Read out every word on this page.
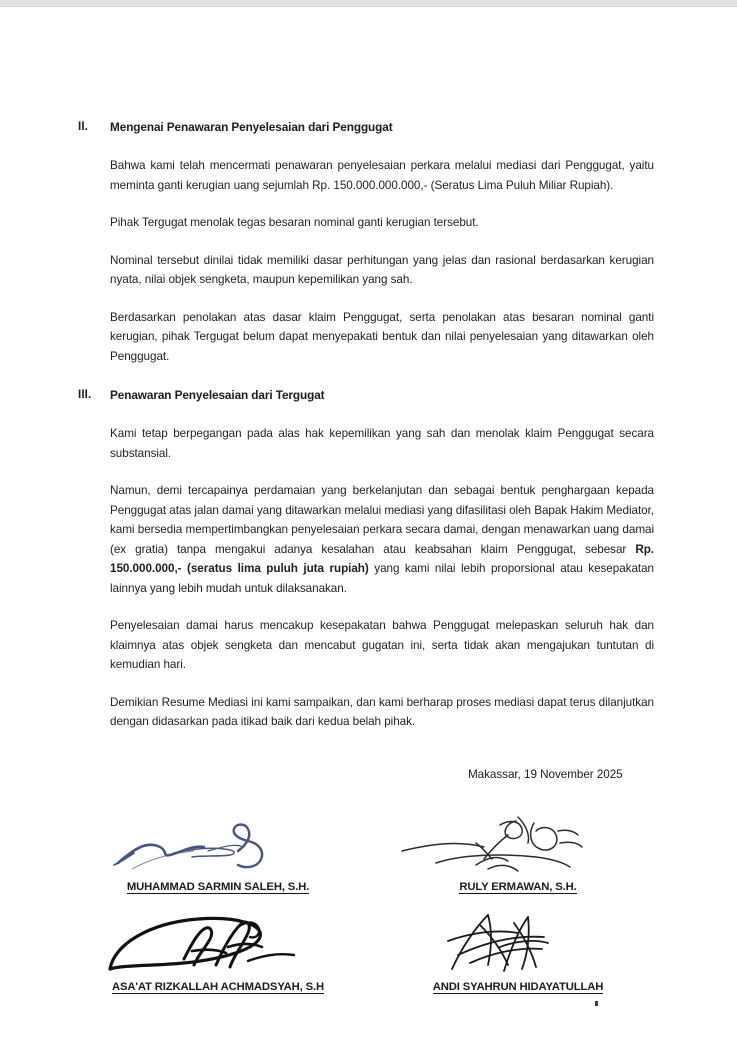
II.	Mengenai Penawaran Penyelesaian dari Penggugat
Bahwa kami telah mencermati penawaran penyelesaian perkara melalui mediasi dari Penggugat, yaitu meminta ganti kerugian uang sejumlah Rp. 150.000.000.000,- (Seratus Lima Puluh Miliar Rupiah).
Pihak Tergugat menolak tegas besaran nominal ganti kerugian tersebut.
Nominal tersebut dinilai tidak memiliki dasar perhitungan yang jelas dan rasional berdasarkan kerugian nyata, nilai objek sengketa, maupun kepemilikan yang sah.
Berdasarkan penolakan atas dasar klaim Penggugat, serta penolakan atas besaran nominal ganti kerugian, pihak Tergugat belum dapat menyepakati bentuk dan nilai penyelesaian yang ditawarkan oleh Penggugat.
III.	Penawaran Penyelesaian dari Tergugat
Kami tetap berpegangan pada alas hak kepemilikan yang sah dan menolak klaim Penggugat secara substansial.
Namun, demi tercapainya perdamaian yang berkelanjutan dan sebagai bentuk penghargaan kepada Penggugat atas jalan damai yang ditawarkan melalui mediasi yang difasilitasi oleh Bapak Hakim Mediator, kami bersedia mempertimbangkan penyelesaian perkara secara damai, dengan menawarkan uang damai (ex gratia) tanpa mengakui adanya kesalahan atau keabsahan klaim Penggugat, sebesar Rp. 150.000.000,- (seratus lima puluh juta rupiah) yang kami nilai lebih proporsional atau kesepakatan lainnya yang lebih mudah untuk dilaksanakan.
Penyelesaian damai harus mencakup kesepakatan bahwa Penggugat melepaskan seluruh hak dan klaimnya atas objek sengketa dan mencabut gugatan ini, serta tidak akan mengajukan tuntutan di kemudian hari.
Demikian Resume Mediasi ini kami sampaikan, dan kami berharap proses mediasi dapat terus dilanjutkan dengan didasarkan pada itikad baik dari kedua belah pihak.
Makassar, 19 November 2025
MUHAMMAD SARMIN SALEH, S.H.	RULY ERMAWAN, S.H.
ASA'AT RIZKALLAH ACHMADSYAH, S.H	ANDI SYAHRUN HIDAYATULLAH
